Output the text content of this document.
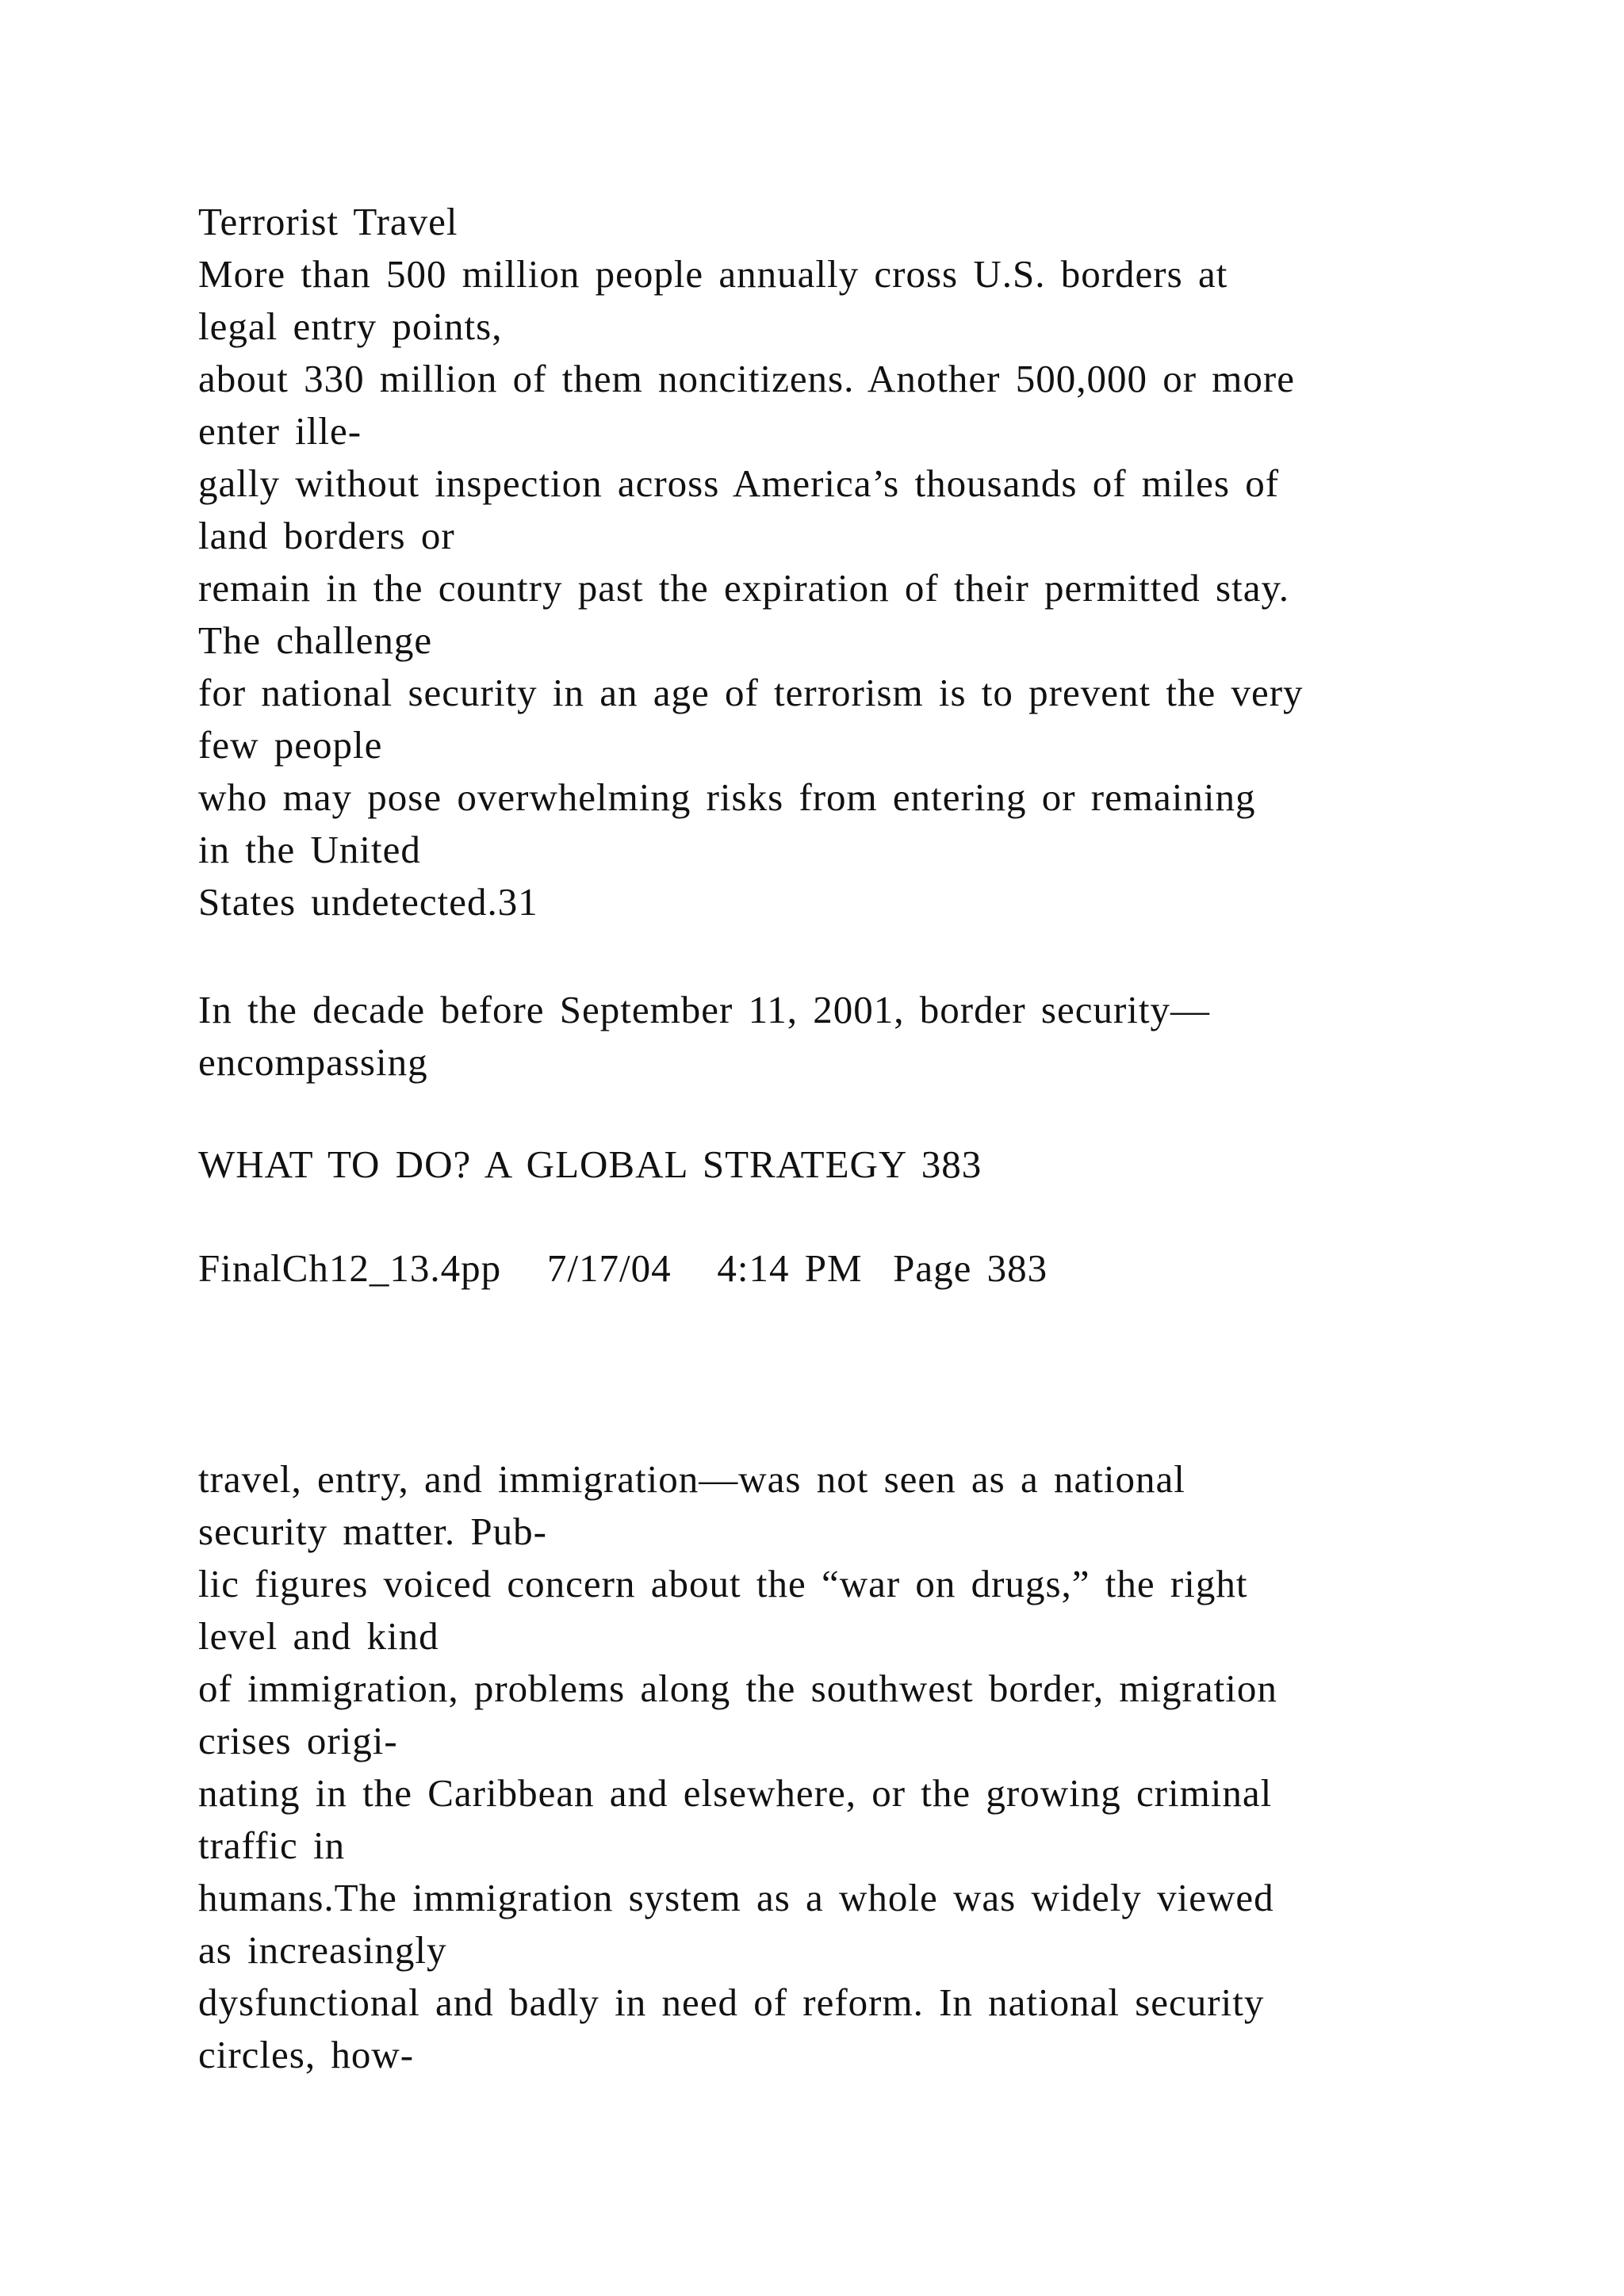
Terrorist Travel
More than 500 million people annually cross U.S. borders at
legal entry points,
about 330 million of them noncitizens. Another 500,000 or more
enter ille-
gally without inspection across America’s thousands of miles of
land borders or
remain in the country past the expiration of their permitted stay.
The challenge
for national security in an age of terrorism is to prevent the very
few people
who may pose overwhelming risks from entering or remaining
in the United
States undetected.31
In the decade before September 11, 2001, border security—
encompassing
WHAT TO DO? A GLOBAL STRATEGY 383
FinalCh12_13.4pp   7/17/04   4:14 PM  Page 383
travel, entry, and immigration—was not seen as a national
security matter. Pub-
lic figures voiced concern about the “war on drugs,” the right
level and kind
of immigration, problems along the southwest border, migration
crises origi-
nating in the Caribbean and elsewhere, or the growing criminal
traffic in
humans.The immigration system as a whole was widely viewed
as increasingly
dysfunctional and badly in need of reform. In national security
circles, how-
